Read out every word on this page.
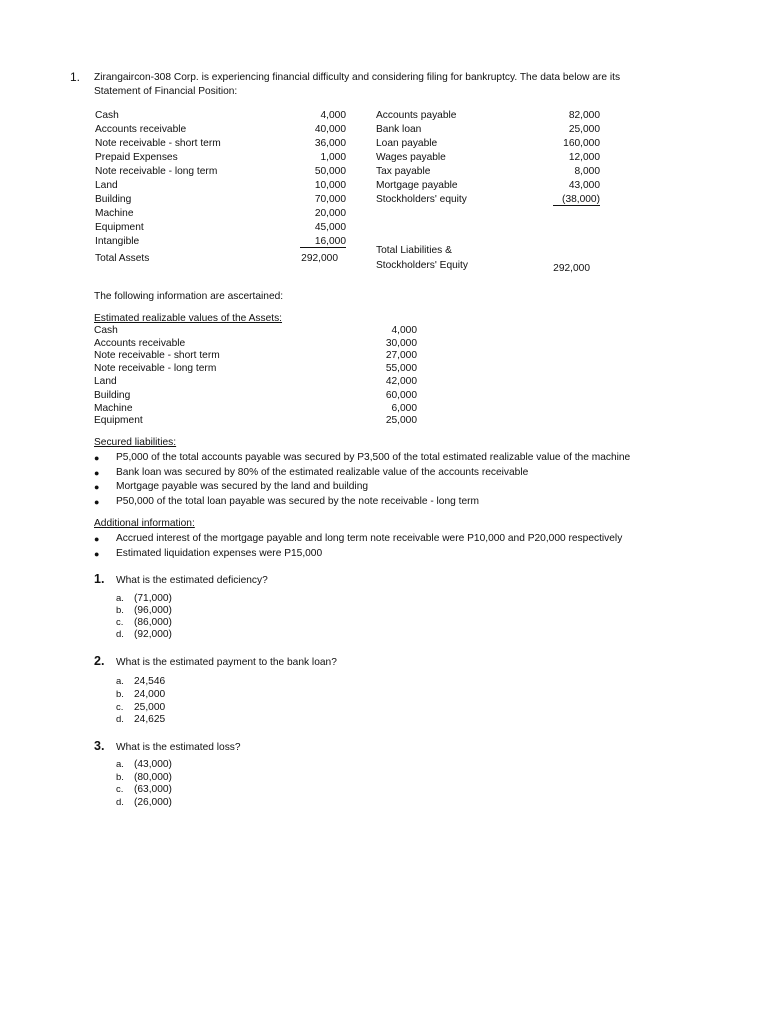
1. Zirangaircon-308 Corp. is experiencing financial difficulty and considering filing for bankruptcy. The data below are its
Statement of Financial Position:
Cash	4,000
Accounts receivable	40,000
Note receivable - short term	36,000
Prepaid Expenses	1,000
Note receivable - long term	50,000
Land	10,000
Building	70,000
Machine	20,000
Equipment	45,000
Intangible	16,000
Total Assets	292,000
Accounts payable	82,000
Bank loan	25,000
Loan payable	160,000
Wages payable	12,000
Tax payable	8,000
Mortgage payable	43,000
Stockholders' equity	(38,000)
Total Liabilities &
Stockholders' Equity	292,000
The following information are ascertained:
Estimated realizable values of the Assets:
Cash	4,000
Accounts receivable	30,000
Note receivable - short term	27,000
Note receivable - long term	55,000
Land	42,000
Building	60,000
Machine	6,000
Equipment	25,000
Secured liabilities:
● P5,000 of the total accounts payable was secured by P3,500 of the total estimated realizable value of the machine
● Bank loan was secured by 80% of the estimated realizable value of the accounts receivable
● Mortgage payable was secured by the land and building
● P50,000 of the total loan payable was secured by the note receivable - long term
Additional information:
● Accrued interest of the mortgage payable and long term note receivable were P10,000 and P20,000 respectively
● Estimated liquidation expenses were P15,000
1. What is the estimated deficiency?
a. (71,000)
b. (96,000)
c. (86,000)
d. (92,000)
2. What is the estimated payment to the bank loan?
a. 24,546
b. 24,000
c. 25,000
d. 24,625
3. What is the estimated loss?
a. (43,000)
b. (80,000)
c. (63,000)
d. (26,000)
